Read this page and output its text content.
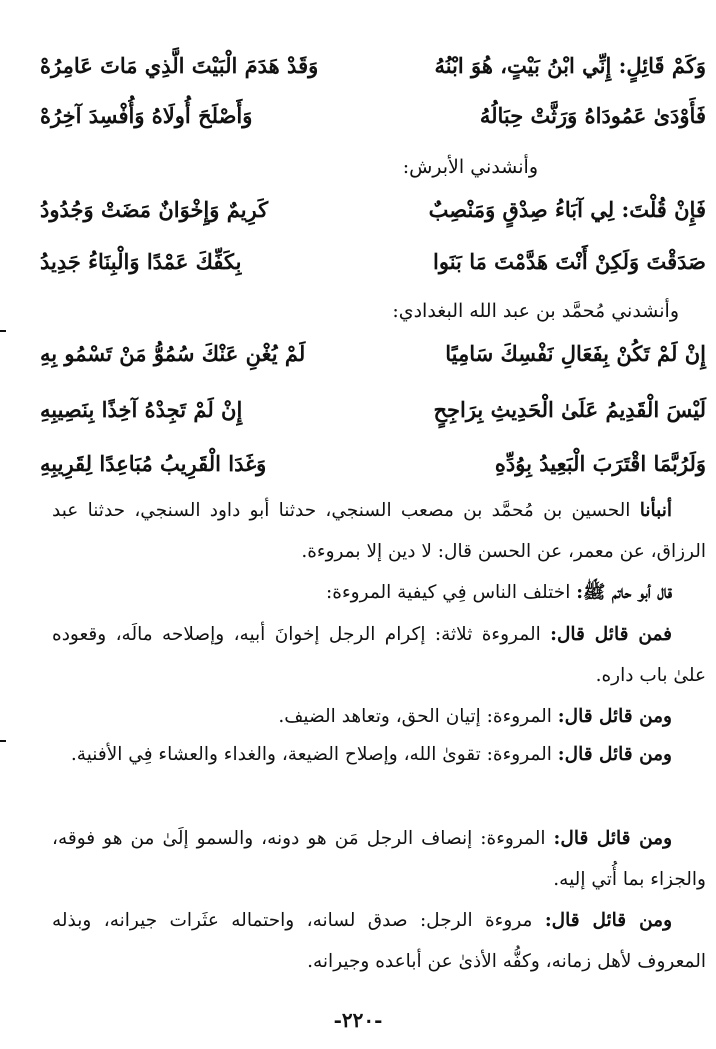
وَكَمْ قَائِلٍ: إِنِّي ابْنُ بَيْتٍ، هُوَ ابْنُهُ
وَقَدْ هَدَمَ الْبَيْتَ الَّذِي مَاتَ عَامِرُهْ
فَأَوْدَىٰ عَمُودَاهُ وَرَثَّتْ حِبَالُهُ
وَأَصْلَحَ أُولَاهُ وَأُفْسِدَ آخِرُهْ
وأنشدني الأبرش:
فَإِنْ قُلْتَ: لِي آبَاءُ صِدْقٍ وَمَنْصِبٌ
كَرِيمٌ وَإِخْوَانٌ مَضَتْ وَجُدُودُ
صَدَقْتَ وَلَكِنْ أَنْتَ هَدَّمْتَ مَا بَنَوا
بِكَفِّكَ عَمْدًا وَالْبِنَاءُ جَدِيدُ
وأنشدني مُحمَّد بن عبد الله البغدادي:
إِنْ لَمْ تَكُنْ بِفَعَالِ نَفْسِكَ سَامِيًا
لَمْ يُغْنِ عَنْكَ سُمُوُّ مَنْ تَسْمُو بِهِ
لَيْسَ الْقَدِيمُ عَلَىٰ الْحَدِيثِ بِرَاجِحٍ
إِنْ لَمْ تَجِدْهُ آخِذًا بِنَصِيبِهِ
وَلَرُبَّمَا اقْتَرَبَ الْبَعِيدُ بِوُدِّهِ
وَغَدَا الْقَرِيبُ مُبَاعِدًا لِقَرِيبِهِ
أنبأنا الحسين بن مُحمَّد بن مصعب السنجي، حدثنا أبو داود السنجي، حدثنا عبد الرزاق، عن معمر، عن الحسن قال: لا دين إلا بمروءة.
قال أبو حاتم ﷺ: اختلف الناس فِي كيفية المروءة:
فمن قائل قال: المروءة ثلاثة: إكرام الرجل إخوانَ أبيه، وإصلاحه مالَه، وقعوده علىٰ باب داره.
ومن قائل قال: المروءة: إتيان الحق، وتعاهد الضيف.
ومن قائل قال: المروءة: تقوىٰ الله، وإصلاح الضيعة، والغداء والعشاء فِي الأفنية.
ومن قائل قال: المروءة: إنصاف الرجل مَن هو دونه، والسمو إلَىٰ من هو فوقه، والجزاء بما أُتي إليه.
ومن قائل قال: مروءة الرجل: صدق لسانه، واحتماله عثَرات جيرانه، وبذله المعروف لأهل زمانه، وكفُّه الأذىٰ عن أباعده وجيرانه.
-٢٢٠-
